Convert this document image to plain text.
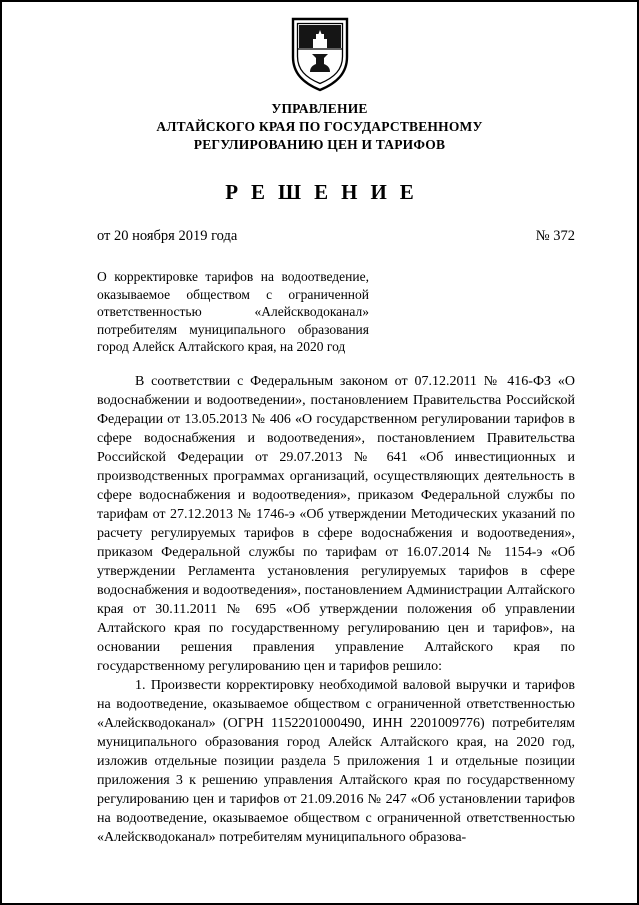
УПРАВЛЕНИЕ
АЛТАЙСКОГО КРАЯ ПО ГОСУДАРСТВЕННОМУ
РЕГУЛИРОВАНИЮ ЦЕН И ТАРИФОВ
РЕШЕНИЕ
от 20 ноября 2019 года	№ 372
О корректировке тарифов на водоотведение, оказываемое обществом с ограниченной ответственностью «Алейскводоканал» потребителям муниципального образования город Алейск Алтайского края, на 2020 год

В соответствии с Федеральным законом от 07.12.2011 № 416-ФЗ «О водоснабжении и водоотведении», постановлением Правительства Российской Федерации от 13.05.2013 № 406 «О государственном регулировании тарифов в сфере водоснабжения и водоотведения», постановлением Правительства Российской Федерации от 29.07.2013 № 641 «Об инвестиционных и производственных программах организаций, осуществляющих деятельность в сфере водоснабжения и водоотведения», приказом Федеральной службы по тарифам от 27.12.2013 № 1746-э «Об утверждении Методических указаний по расчету регулируемых тарифов в сфере водоснабжения и водоотведения», приказом Федеральной службы по тарифам от 16.07.2014 № 1154-э «Об утверждении Регламента установления регулируемых тарифов в сфере водоснабжения и водоотведения», постановлением Администрации Алтайского края от 30.11.2011 № 695 «Об утверждении положения об управлении Алтайского края по государственному регулированию цен и тарифов», на основании решения правления управление Алтайского края по государственному регулированию цен и тарифов решило:

1. Произвести корректировку необходимой валовой выручки и тарифов на водоотведение, оказываемое обществом с ограниченной ответственностью «Алейскводоканал» (ОГРН 1152201000490, ИНН 2201009776) потребителям муниципального образования город Алейск Алтайского края, на 2020 год, изложив отдельные позиции раздела 5 приложения 1 и отдельные позиции приложения 3 к решению управления Алтайского края по государственному регулированию цен и тарифов от 21.09.2016 № 247 «Об установлении тарифов на водоотведение, оказываемое обществом с ограниченной ответственностью «Алейскводоканал» потребителям муниципального образова-
